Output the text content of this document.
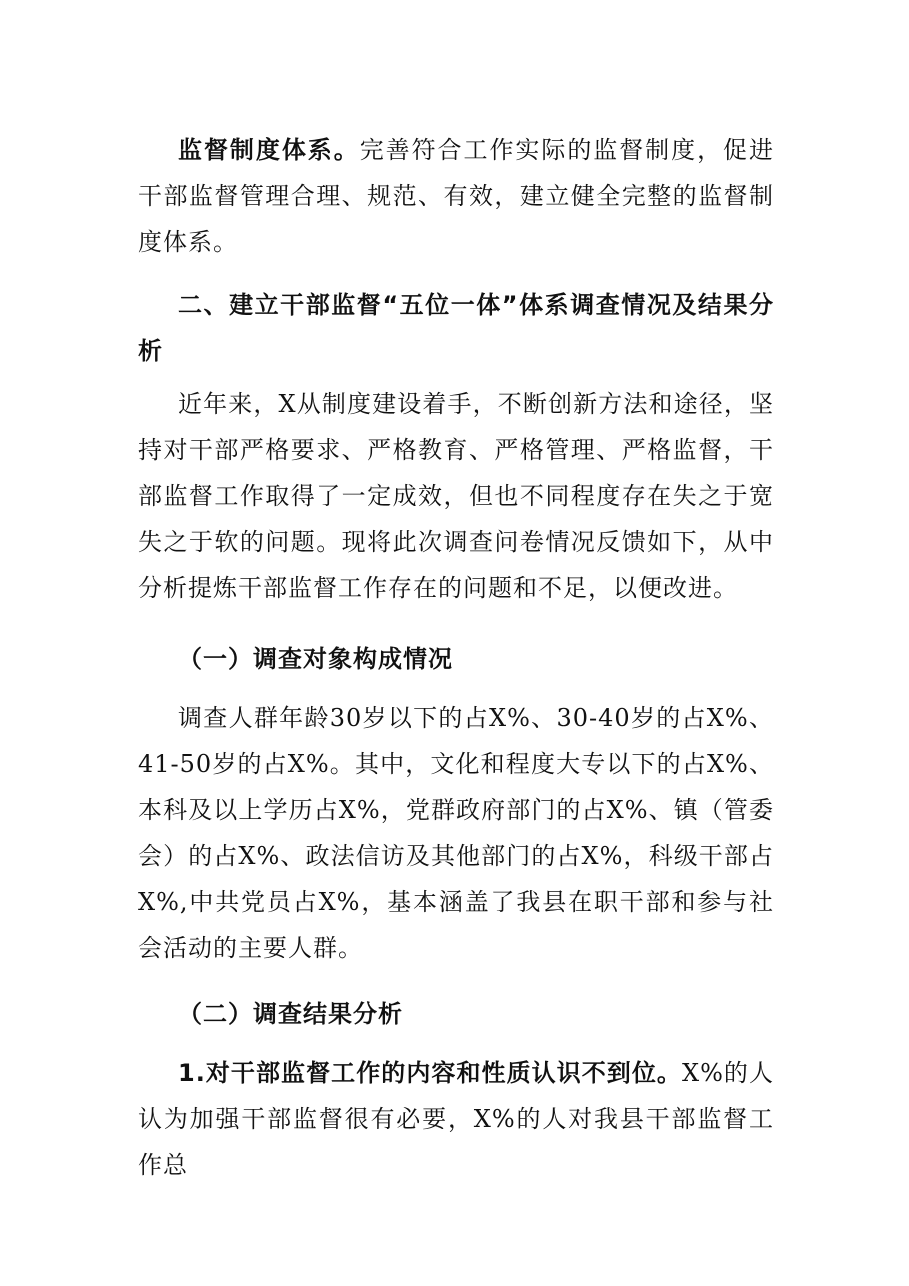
监督制度体系。完善符合工作实际的监督制度，促进干部监督管理合理、规范、有效，建立健全完整的监督制度体系。

二、建立干部监督“五位一体”体系调查情况及结果分析

近年来，X从制度建设着手，不断创新方法和途径，坚持对干部严格要求、严格教育、严格管理、严格监督，干部监督工作取得了一定成效，但也不同程度存在失之于宽失之于软的问题。现将此次调查问卷情况反馈如下，从中分析提炼干部监督工作存在的问题和不足，以便改进。

（一）调查对象构成情况

调查人群年龄30岁以下的占X%、30-40岁的占X%、41-50岁的占X%。其中，文化和程度大专以下的占X%、本科及以上学历占X%，党群政府部门的占X%、镇（管委会）的占X%、政法信访及其他部门的占X%，科级干部占X%,中共党员占X%，基本涵盖了我县在职干部和参与社会活动的主要人群。

（二）调查结果分析

1.对干部监督工作的内容和性质认识不到位。X%的人认为加强干部监督很有必要，X%的人对我县干部监督工作总
